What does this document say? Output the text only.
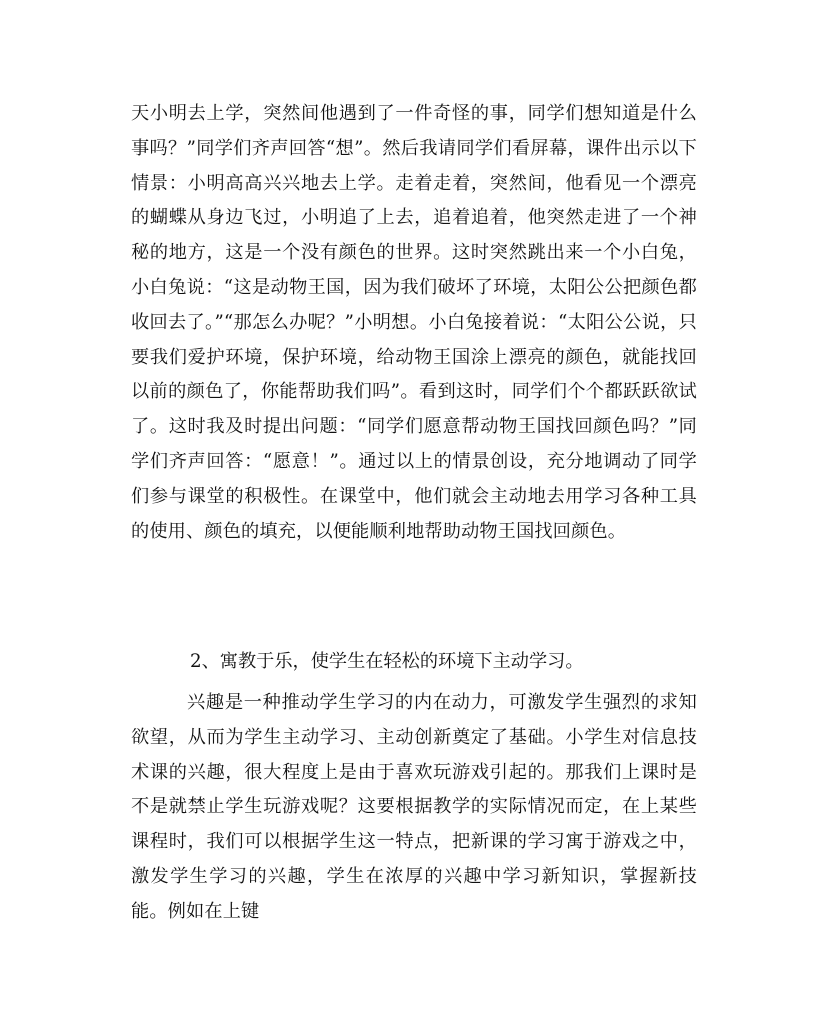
天小明去上学，突然间他遇到了一件奇怪的事，同学们想知道是什么事吗？”同学们齐声回答“想”。然后我请同学们看屏幕，课件出示以下情景：小明高高兴兴地去上学。走着走着，突然间，他看见一个漂亮的蝴蝶从身边飞过，小明追了上去，追着追着，他突然走进了一个神秘的地方，这是一个没有颜色的世界。这时突然跳出来一个小白兔，小白兔说：“这是动物王国，因为我们破坏了环境，太阳公公把颜色都收回去了。”“那怎么办呢？”小明想。小白兔接着说：“太阳公公说，只要我们爱护环境，保护环境，给动物王国涂上漂亮的颜色，就能找回以前的颜色了，你能帮助我们吗”。看到这时，同学们个个都跃跃欲试了。这时我及时提出问题：“同学们愿意帮动物王国找回颜色吗？”同学们齐声回答：“愿意！”。通过以上的情景创设，充分地调动了同学们参与课堂的积极性。在课堂中，他们就会主动地去用学习各种工具的使用、颜色的填充，以便能顺利地帮助动物王国找回颜色。

2、寓教于乐，使学生在轻松的环境下主动学习。

兴趣是一种推动学生学习的内在动力，可激发学生强烈的求知欲望，从而为学生主动学习、主动创新奠定了基础。小学生对信息技术课的兴趣，很大程度上是由于喜欢玩游戏引起的。那我们上课时是不是就禁止学生玩游戏呢？这要根据教学的实际情况而定，在上某些课程时，我们可以根据学生这一特点，把新课的学习寓于游戏之中，激发学生学习的兴趣，学生在浓厚的兴趣中学习新知识，掌握新技能。例如在上键
